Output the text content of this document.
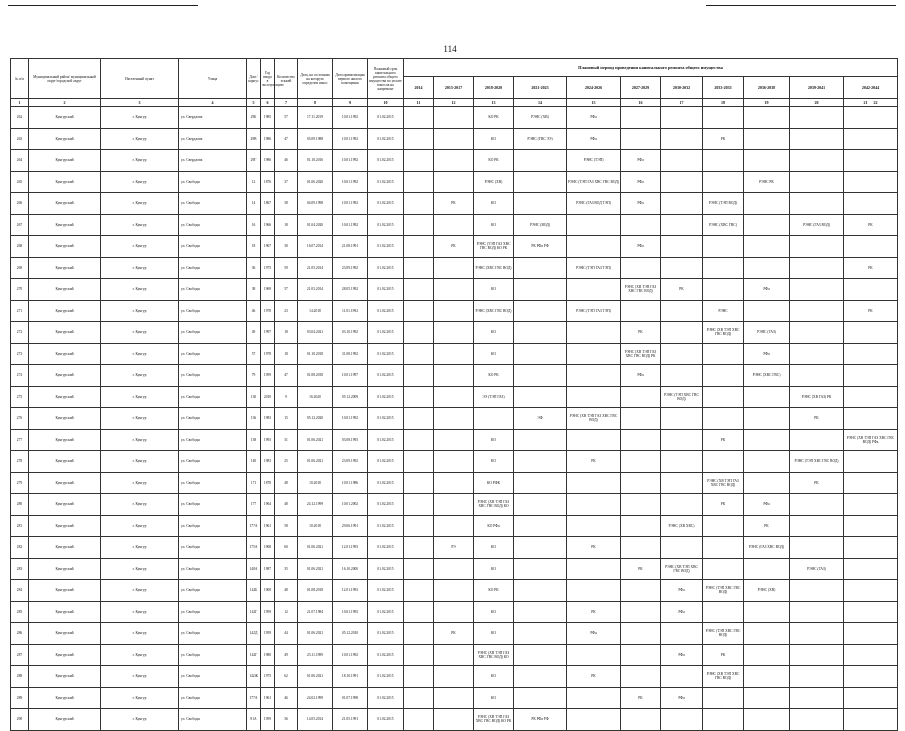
114
№ п/п	Муниципальный район/ муниципальный округ/городской округ	Населенный пункт	Улица	Дом / корпус	Год ввода в эксплуатацию	Количество этажей	Дата, на состоянии на которую определен износ	Дата приватизации первого жилого помещения	Плановый срок капитального ремонта общего имущества по уплате взносов на капремонт	Плановый период проведения капитального ремонта общего имущества										
										2014	2015-2017	2018-2020	2021-2023	2024-2026	2027-2029	2030-2032	2033-2035	2036-2038	2039-2041	2042-2044
1	2	3	4	5	6	7	8	9	10	11	12	13	14	15	16	17	18	19	20	21 22
262	Кунгурский	г. Кунгур	ул. Свердлова	29Б	1985	57	17.11.2019	10.01.1992	01.02.2015			КО РК	РЭНС (ХВ)	РФа						
263	Кунгурский	г. Кунгур	ул. Свердлова	29В	1986	47	05.09.1988	10.01.1992	01.02.2015			КО	РЭНС (ГВС ЭЭ)	РФа			РК			
264	Кунгурский	г. Кунгур	ул. Свердлова	29Г	1986	46	01.10.2016	10.01.1992	01.02.2015			КО РК		РЭНС (ТЭП)	РФа					
265	Кунгурский	г. Кунгур	ул. Свободы	12	1876	37	01.06.2020	10.01.1992	01.02.2015			РЭНС (ХВ)		РЭНС (ТЭП ГАЗ ХВС ГВС ВОД)	РФа			РЭНС РК		
266	Кунгурский	г. Кунгур	ул. Свободы	14	1867	38	04.09.1998	10.01.1992	01.02.2015		РК	КО		РЭНС (ГАЗ ВОД ТЭП)	РФа		РЭНС (ТЭП ВОД)			
267	Кунгурский	г. Кунгур	ул. Свободы	16	1966	18	01.04.2020	10.01.1992	01.02.2015			КО	РЭНС (ВОД)				РЭНС (ХВС ГВС)		РЭНС (ГАЗ ВОД)	РК
268	Кунгурский	г. Кунгур	ул. Свободы	18	1967	30	16.07.2014	21.08.1991	01.02.2015		РК	РЭНС (ТЭП ГАЗ ХВС ГВС ВОД) КО РК	РК РФа РФ		РФа					
269	Кунгурский	г. Кунгур	ул. Свободы	36	1975	59	21.05.2014	23.09.1992	01.02.2015			РЭНС (ХВС ГВС ВОД)		РЭНС (ТЭП ГАЗ ТЭП)						РК
270	Кунгурский	г. Кунгур	ул. Свободы	38	1969	57	21.03.2014	28.05.1992	01.02.2015			КО			РЭНС (ХВ ТЭП ГАЗ ХВС ГВС ВОД)	РК		РФа		
271	Кунгурский	г. Кунгур	ул. Свободы	46	1978	23	14.2018	11.01.1992	01.02.2015			РЭНС (ХВС ГВС ВОД)		РЭНС (ТЭП ГАЗ ТЭП)			РЭНС			РК
272	Кунгурский	г. Кунгур	ул. Свободы	49	1997	18	03.04.2021	03.10.1992	01.02.2015			КО			РК		РЭНС (ХВ ТЭП ХВС ГВС ВОД)	РЭНС (ГАЗ)		
273	Кунгурский	г. Кунгур	ул. Свободы	57	1978	18	01.10.2018	31.08.1992	01.02.2015			КО			РЭНС (ХВ ТЭП ГАЗ ХВС ГВС ВОД) РК			РФа		
274	Кунгурский	г. Кунгур	ул. Свободы	79	1959	47	01.08.2018	10.01.1997	01.02.2015			КО РК			РФа			РЭНС (ХВС ГВС)		
275	Кунгурский	г. Кунгур	ул. Свободы	130	2010	9	16.2020	05.12.2009	01.02.2015			ЭЭ (ТЭП ГАЗ)				РЭНС (ТЭП ХВС ГВС ВОД)			РЭНС (ХВ ГАЗ) РК	
276	Кунгурский	г. Кунгур	ул. Свободы	136	1983	15	05.12.2020	10.01.1992	01.02.2015				ЭФ	РЭНС (ХВ ТЭП ГАЗ ХВС ГВС ВОД)					РК	
277	Кунгурский	г. Кунгур	ул. Свободы	138	1993	31	01.06.2021	03.08.1993	01.02.2015			КО					РК			РЭНС (ХВ ТЭП ГАЗ ХВС ГВС ВОД) РФа
278	Кунгурский	г. Кунгур	ул. Свободы	140	1983	25	01.06.2021	23.09.1992	01.02.2015			КО		РК					РЭНС (ТЭП ХВС ГВС ВОД)	
279	Кунгурский	г. Кунгур	ул. Свободы	171	1878	48	10.2018	10.01.1986	01.02.2015			КО РФК					РЭНС (ХВ ТЭП ГАЗ ХВС ГВС ВОД)		РК	
280	Кунгурский	г. Кунгур	ул. Свободы	177	1964	48	24.12.1999	10.01.2002	01.02.2015			РЭНС (ХВ ТЭП ГАЗ ХВС ГВС ВОД) КО					РК	РФа		
281	Кунгурский	г. Кунгур	ул. Свободы	177А	1961	58	10.2018	29.06.1991	01.02.2015			КО РФа				РЭНС (ХВ ХВС)		РК		
282	Кунгурский	г. Кунгур	ул. Свободы	175А	1968	60	01.06.2021	12.01.1993	01.02.2015		РЭ	КО		РК				РЭНС (ГАЗ ХВС ВОД)		
283	Кунгурский	г. Кунгур	ул. Свободы	140А	1987	35	01.06.2021	16.10.2000	01.02.2015			КО			РК	РЭНС (ХВ ТЭП ХВС ГВС ВОД)			РЭНС (ГАЗ)	
284	Кунгурский	г. Кунгур	ул. Свободы	142Б	1969	48	01.08.2018	12.01.1993	01.02.2015			КО РК				РФа	РЭНС (ТЭП ХВС ГВС ВОД)	РЭНС (ХВ)		
285	Кунгурский	г. Кунгур	ул. Свободы	142Г	1959	12	21.07.1984	10.01.1993	01.02.2015			КО		РК		РФа				
286	Кунгурский	г. Кунгур	ул. Свободы	142Д	1959	44	01.06.2021	05.12.2010	01.02.2015		РК	КО		РФа			РЭНС (ТЭП ХВС ГВС ВОД)			
287	Кунгурский	г. Кунгур	ул. Свободы	142Г	1980	49	23.11.1989	10.01.1992	01.02.2015			РЭНС (ХВ ТЭП ГАЗ ХВС ГВС ВОД) КО				РФа	РК			
288	Кунгурский	г. Кунгур	ул. Свободы	142Ж	1975	62	01.06.2021	18.10.1991	01.02.2015			КО		РК			РЭНС (ХВ ТЭП ХВС ГВС ВОД)			
289	Кунгурский	г. Кунгур	ул. Свободы	177А	1961	46	24.02.1999	01.07.1998	01.02.2015			КО			РК	РФа				
290	Кунгурский	г. Кунгур	ул. Свободы	81А	1959	36	14.05.2014	21.05.1991	01.02.2015			РЭНС (ХВ ТЭП ГАЗ ХВС ГВС ВОД) КО РК	РК РФа РФ							
